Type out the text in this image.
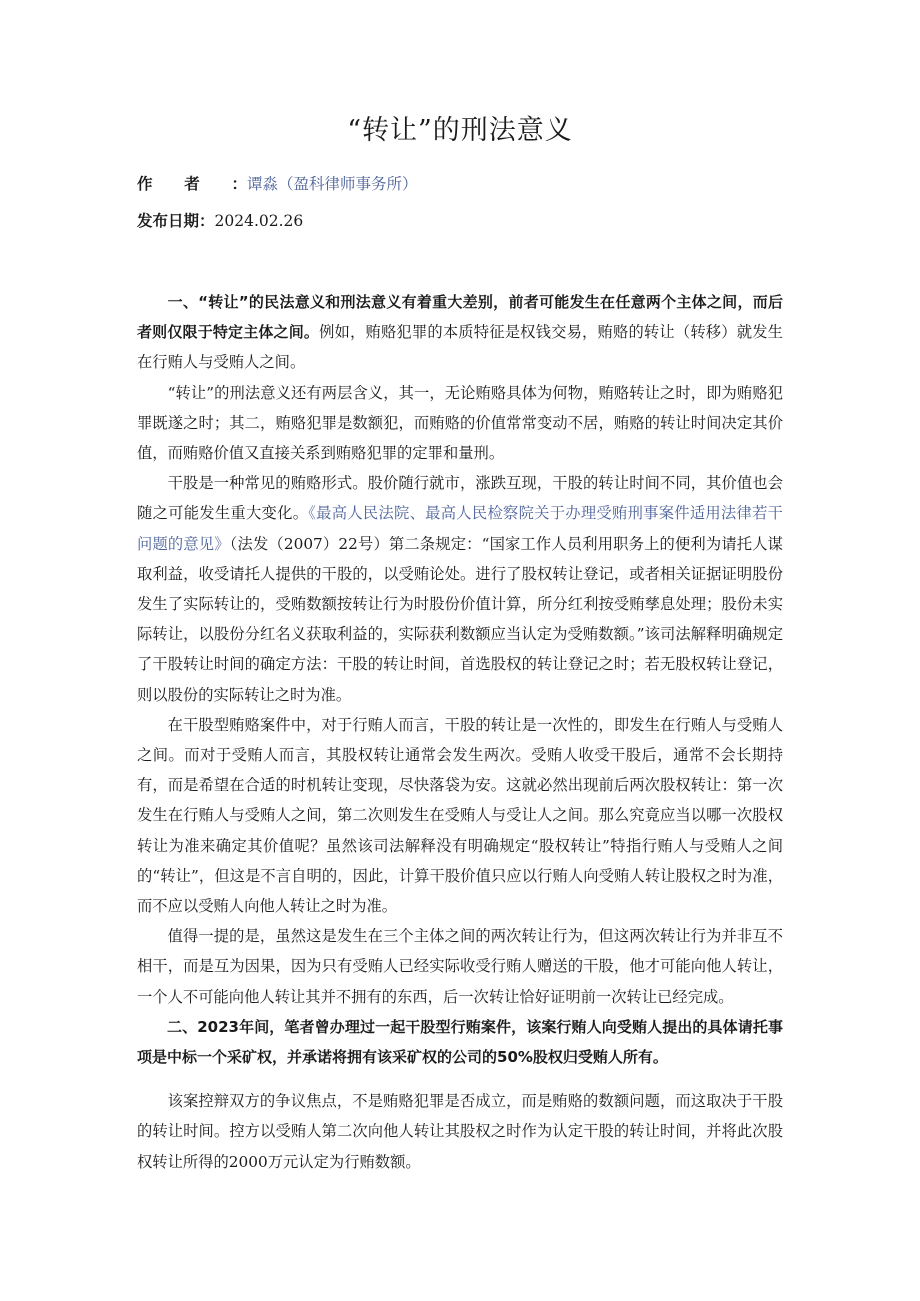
“转让”的刑法意义
作者：谭淼（盈科律师事务所）
发布日期：2024.02.26

一、“转让”的民法意义和刑法意义有着重大差别，前者可能发生在任意两个主体之间，而后者则仅限于特定主体之间。例如，贿赂犯罪的本质特征是权钱交易，贿赂的转让（转移）就发生在行贿人与受贿人之间。

“转让”的刑法意义还有两层含义，其一，无论贿赂具体为何物，贿赂转让之时，即为贿赂犯罪既遂之时；其二，贿赂犯罪是数额犯，而贿赂的价值常常变动不居，贿赂的转让时间决定其价值，而贿赂价值又直接关系到贿赂犯罪的定罪和量刑。

干股是一种常见的贿赂形式。股价随行就市，涨跌互现，干股的转让时间不同，其价值也会随之可能发生重大变化。《最高人民法院、最高人民检察院关于办理受贿刑事案件适用法律若干问题的意见》（法发（2007）22号）第二条规定：“国家工作人员利用职务上的便利为请托人谋取利益，收受请托人提供的干股的，以受贿论处。进行了股权转让登记，或者相关证据证明股份发生了实际转让的，受贿数额按转让行为时股份价值计算，所分红利按受贿孳息处理；股份未实际转让，以股份分红名义获取利益的，实际获利数额应当认定为受贿数额。”该司法解释明确规定了干股转让时间的确定方法：干股的转让时间，首选股权的转让登记之时；若无股权转让登记，则以股份的实际转让之时为准。

在干股型贿赂案件中，对于行贿人而言，干股的转让是一次性的，即发生在行贿人与受贿人之间。而对于受贿人而言，其股权转让通常会发生两次。受贿人收受干股后，通常不会长期持有，而是希望在合适的时机转让变现，尽快落袋为安。这就必然出现前后两次股权转让：第一次发生在行贿人与受贿人之间，第二次则发生在受贿人与受让人之间。那么究竟应当以哪一次股权转让为准来确定其价值呢？虽然该司法解释没有明确规定“股权转让”特指行贿人与受贿人之间的“转让”，但这是不言自明的，因此，计算干股价值只应以行贿人向受贿人转让股权之时为准，而不应以受贿人向他人转让之时为准。

值得一提的是，虽然这是发生在三个主体之间的两次转让行为，但这两次转让行为并非互不相干，而是互为因果，因为只有受贿人已经实际收受行贿人赠送的干股，他才可能向他人转让，一个人不可能向他人转让其并不拥有的东西，后一次转让恰好证明前一次转让已经完成。

二、2023年间，笔者曾办理过一起干股型行贿案件，该案行贿人向受贿人提出的具体请托事项是中标一个采矿权，并承诺将拥有该采矿权的公司的50%股权归受贿人所有。

该案控辩双方的争议焦点，不是贿赂犯罪是否成立，而是贿赂的数额问题，而这取决于干股的转让时间。控方以受贿人第二次向他人转让其股权之时作为认定干股的转让时间，并将此次股权转让所得的2000万元认定为行贿数额。
